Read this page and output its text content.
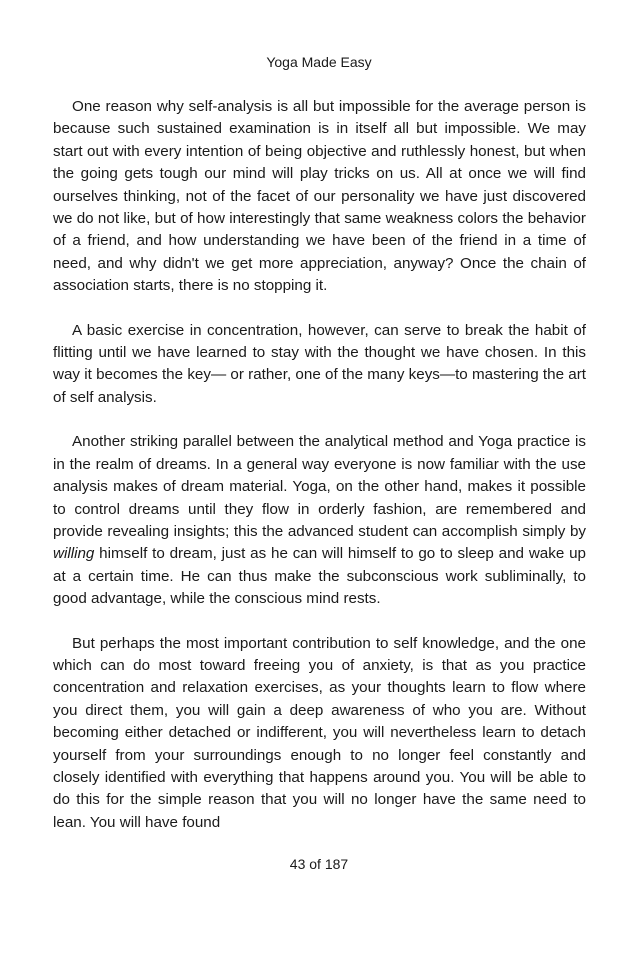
Yoga Made Easy

One reason why self-analysis is all but impossible for the average person is because such sustained examination is in itself all but impossible. We may start out with every intention of being objective and ruthlessly honest, but when the going gets tough our mind will play tricks on us. All at once we will find ourselves thinking, not of the facet of our personality we have just discovered we do not like, but of how interestingly that same weakness colors the behavior of a friend, and how understanding we have been of the friend in a time of need, and why didn't we get more appreciation, anyway? Once the chain of association starts, there is no stopping it.

A basic exercise in concentration, however, can serve to break the habit of flitting until we have learned to stay with the thought we have chosen. In this way it becomes the key— or rather, one of the many keys—to mastering the art of self analysis.

Another striking parallel between the analytical method and Yoga practice is in the realm of dreams. In a general way everyone is now familiar with the use analysis makes of dream material. Yoga, on the other hand, makes it possible to control dreams until they flow in orderly fashion, are remembered and provide revealing insights; this the advanced student can accomplish simply by willing himself to dream, just as he can will himself to go to sleep and wake up at a certain time. He can thus make the subconscious work subliminally, to good advantage, while the conscious mind rests.

But perhaps the most important contribution to self knowledge, and the one which can do most toward freeing you of anxiety, is that as you practice concentration and relaxation exercises, as your thoughts learn to flow where you direct them, you will gain a deep awareness of who you are. Without becoming either detached or indifferent, you will nevertheless learn to detach yourself from your surroundings enough to no longer feel constantly and closely identified with everything that happens around you. You will be able to do this for the simple reason that you will no longer have the same need to lean. You will have found

43 of 187
